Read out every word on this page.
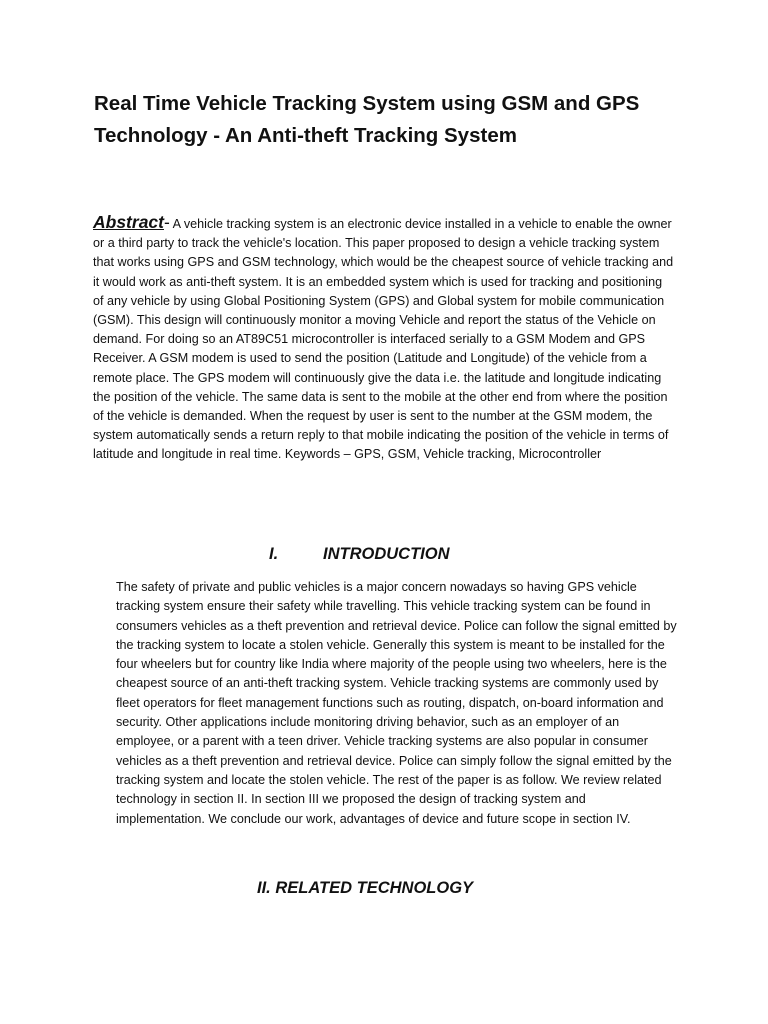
Real Time Vehicle Tracking System using GSM and GPS Technology - An Anti-theft Tracking System

Abstract- A vehicle tracking system is an electronic device installed in a vehicle to enable the owner or a third party to track the vehicle's location. This paper proposed to design a vehicle tracking system that works using GPS and GSM technology, which would be the cheapest source of vehicle tracking and it would work as anti-theft system. It is an embedded system which is used for tracking and positioning of any vehicle by using Global Positioning System (GPS) and Global system for mobile communication (GSM). This design will continuously monitor a moving Vehicle and report the status of the Vehicle on demand. For doing so an AT89C51 microcontroller is interfaced serially to a GSM Modem and GPS Receiver. A GSM modem is used to send the position (Latitude and Longitude) of the vehicle from a remote place. The GPS modem will continuously give the data i.e. the latitude and longitude indicating the position of the vehicle. The same data is sent to the mobile at the other end from where the position of the vehicle is demanded. When the request by user is sent to the number at the GSM modem, the system automatically sends a return reply to that mobile indicating the position of the vehicle in terms of latitude and longitude in real time. Keywords – GPS, GSM, Vehicle tracking, Microcontroller

I.	INTRODUCTION

The safety of private and public vehicles is a major concern nowadays so having GPS vehicle tracking system ensure their safety while travelling. This vehicle tracking system can be found in consumers vehicles as a theft prevention and retrieval device. Police can follow the signal emitted by the tracking system to locate a stolen vehicle. Generally this system is meant to be installed for the four wheelers but for country like India where majority of the people using two wheelers, here is the cheapest source of an anti-theft tracking system. Vehicle tracking systems are commonly used by fleet operators for fleet management functions such as routing, dispatch, on-board information and security. Other applications include monitoring driving behavior, such as an employer of an employee, or a parent with a teen driver. Vehicle tracking systems are also popular in consumer vehicles as a theft prevention and retrieval device. Police can simply follow the signal emitted by the tracking system and locate the stolen vehicle. The rest of the paper is as follow. We review related technology in section II. In section III we proposed the design of tracking system and implementation. We conclude our work, advantages of device and future scope in section IV.

II. RELATED TECHNOLOGY
